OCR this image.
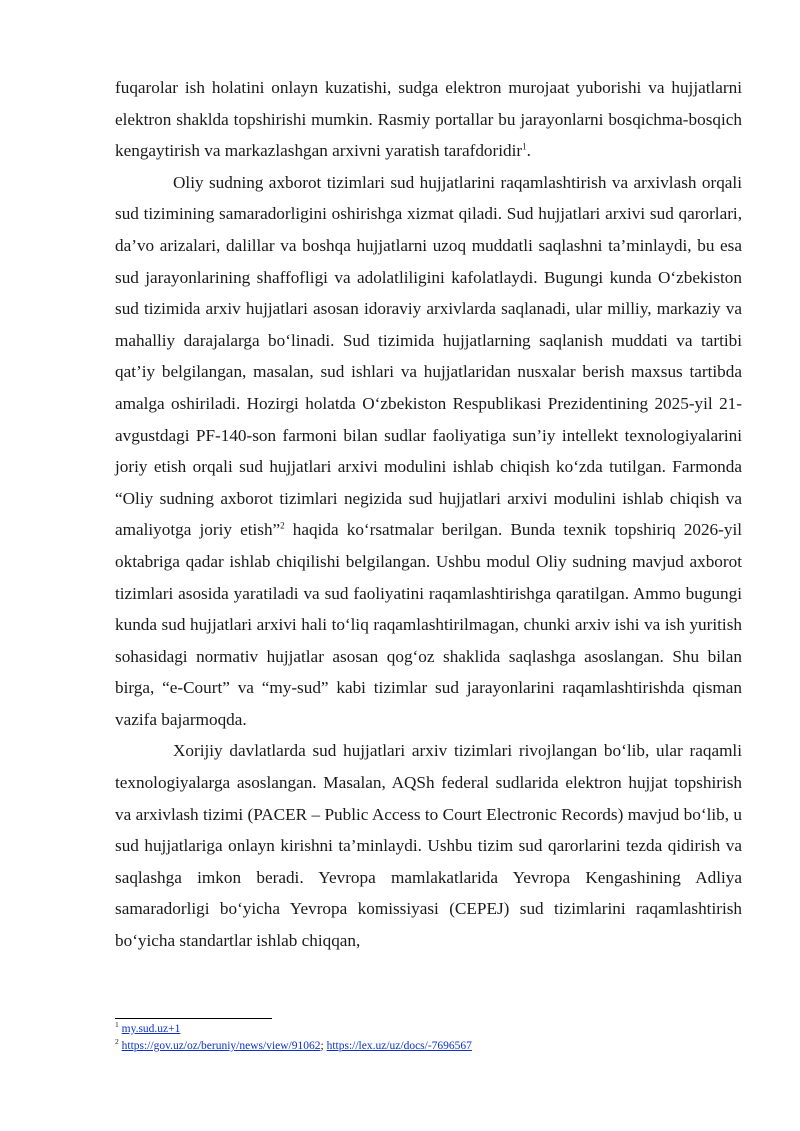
fuqarolar ish holatini onlayn kuzatishi, sudga elektron murojaat yuborishi va hujjatlarni elektron shaklda topshirishi mumkin. Rasmiy portallar bu jarayonlarni bosqichma-bosqich kengaytirish va markazlashgan arxivni yaratish tarafdoridir$^1$.

Oliy sudning axborot tizimlari sud hujjatlarini raqamlashtirish va arxivlash orqali sud tizimining samaradorligini oshirishga xizmat qiladi. Sud hujjatlari arxivi sud qarorlari, da’vo arizalari, dalillar va boshqa hujjatlarni uzoq muddatli saqlashni ta’minlaydi, bu esa sud jarayonlarining shaffofligi va adolatliligini kafolatlaydi. Bugungi kunda O‘zbekiston sud tizimida arxiv hujjatlari asosan idoraviy arxivlarda saqlanadi, ular milliy, markaziy va mahalliy darajalarga bo‘linadi. Sud tizimida hujjatlarning saqlanish muddati va tartibi qat’iy belgilangan, masalan, sud ishlari va hujjatlaridan nusxalar berish maxsus tartibda amalga oshiriladi. Hozirgi holatda O‘zbekiston Respublikasi Prezidentining 2025-yil 21-avgustdagi PF-140-son farmoni bilan sudlar faoliyatiga sun’iy intellekt texnologiyalarini joriy etish orqali sud hujjatlari arxivi modulini ishlab chiqish ko‘zda tutilgan. Farmonda “Oliy sudning axborot tizimlari negizida sud hujjatlari arxivi modulini ishlab chiqish va amaliyotga joriy etish”$^2$ haqida ko‘rsatmalar berilgan. Bunda texnik topshiriq 2026-yil oktabriga qadar ishlab chiqilishi belgilangan. Ushbu modul Oliy sudning mavjud axborot tizimlari asosida yaratiladi va sud faoliyatini raqamlashtirishga qaratilgan. Ammo bugungi kunda sud hujjatlari arxivi hali to‘liq raqamlashtirilmagan, chunki arxiv ishi va ish yuritish sohasidagi normativ hujjatlar asosan qog‘oz shaklida saqlashga asoslangan. Shu bilan birga, “e-Court” va “my-sud” kabi tizimlar sud jarayonlarini raqamlashtirishda qisman vazifa bajarmoqda.

Xorijiy davlatlarda sud hujjatlari arxiv tizimlari rivojlangan bo‘lib, ular raqamli texnologiyalarga asoslangan. Masalan, AQSh federal sudlarida elektron hujjat topshirish va arxivlash tizimi (PACER – Public Access to Court Electronic Records) mavjud bo‘lib, u sud hujjatlariga onlayn kirishni ta’minlaydi. Ushbu tizim sud qarorlarini tezda qidirish va saqlashga imkon beradi. Yevropa mamlakatlarida Yevropa Kengashining Adliya samaradorligi bo‘yicha Yevropa komissiyasi (CEPEJ) sud tizimlarini raqamlashtirish bo‘yicha standartlar ishlab chiqqan,

$^1$ my.sud.uz+1

$^2$ https://gov.uz/oz/beruniy/news/view/91062; https://lex.uz/uz/docs/-7696567
